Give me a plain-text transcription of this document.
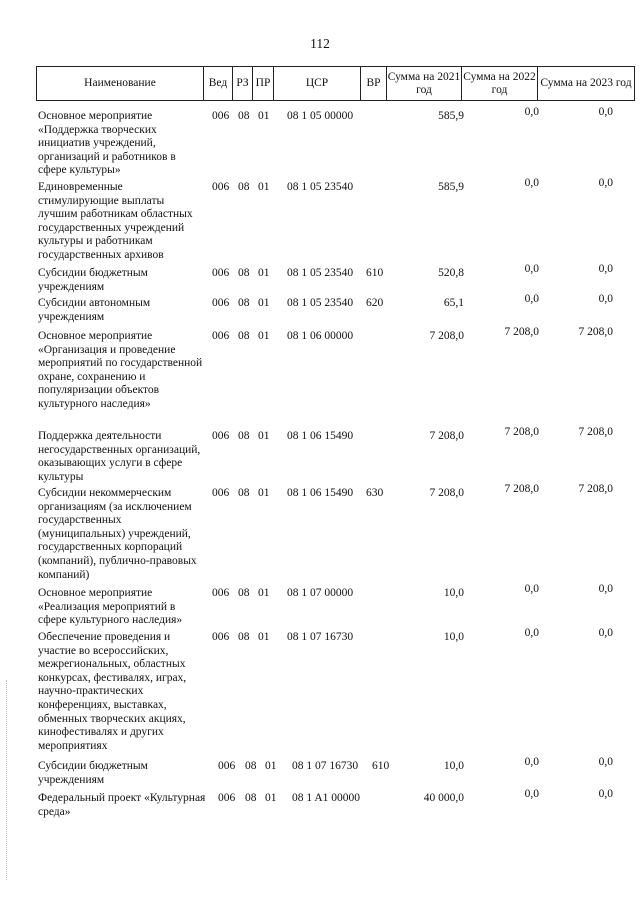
112
Наименование	Вед РЗ ПР	ЦСР	ВР
Сумма на 2021 год
Сумма на 2022 год
Сумма на 2023 год
Основное мероприятие «Поддержка творческих инициатив учреждений, организаций и работников в сфере культуры»
006 08 01 08 1 05 00000	585,9	0,0	0,0
Единовременные стимулирующие выплаты лучшим работникам областных государственных учреждений культуры и работникам государственных архивов
006 08 01 08 1 05 23540	585,9	0,0	0,0
Субсидии бюджетным учреждениям
006 08 01 08 1 05 23540 610	520,8	0,0	0,0
Субсидии автономным учреждениям
006 08 01 08 1 05 23540 620	65,1	0,0	0,0
Основное мероприятие «Организация и проведение мероприятий по государственной охране, сохранению и популяризации объектов культурного наследия»
006 08 01 08 1 06 00000	7 208,0	7 208,0	7 208,0
Поддержка деятельности негосударственных организаций, оказывающих услуги в сфере культуры
006 08 01 08 1 06 15490	7 208,0	7 208,0	7 208,0
Субсидии некоммерческим организациям (за исключением государственных (муниципальных) учреждений, государственных корпораций (компаний), публично-правовых компаний)
006 08 01 08 1 06 15490 630	7 208,0	7 208,0	7 208,0
Основное мероприятие «Реализация мероприятий в сфере культурного наследия»
006 08 01 08 1 07 00000	10,0	0,0	0,0
Обеспечение проведения и участие во всероссийских, межрегиональных, областных конкурсах, фестивалях, играх, научно-практических конференциях, выставках, обменных творческих акциях, кинофестивалях и других мероприятиях
006 08 01 08 1 07 16730	10,0	0,0	0,0
Субсидии бюджетным учреждениям
006 08 01 08 1 07 16730 610	10,0	0,0	0,0
Федеральный проект «Культурная среда»
006 08 01 08 1 A1 00000	40 000,0	0,0	0,0
